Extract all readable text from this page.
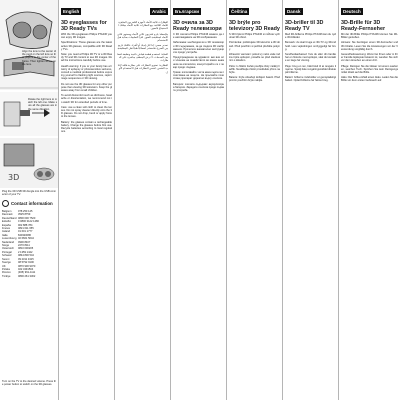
Align the lens to the center of the pupil on the left lens so that pupil is in the center of the frame. Then tighten screw on the lens.
Rotate the right lens to match the left one. Make sure all the glasses are in the same direction.
3D
Plug the 3D USB 3D dongle into the USB connector of your TV.
Contact information
Belgium	078 250 145
Danmark 3525 8759
Deutschland 0800 000 7520
Ελλάδα	0 0800 3122 1280
España	902 888 784
France	0821 611 655
Ireland	01 601 1777
Italia	840320086
Luxembourg 40 6661 5644
Nederland 0900 8407
Norge	2270 8111
Österreich 0810 000205
Portugal 2 1359 1442
Schweiz 0844 800 544
Suomi	09 2311 3415
Sverige	08 5792 9100
UK	0870 900 9070
Polska	022 3491504
Россия	(495) 961-1111
Türkiye	0800 261 3302
Turn on the TV to the desired volume. Press the power button to switch on the 3D glasses.
English
3D eyeglasses for 3D Ready TVs
With the 3D eyeglasses Philips PTA436 you can enjoy 3D images.
Specifications: These glasses are the latest active 3D glasses, compatible with 3D Ready TVs.
Note: you need a Philips 3D TV or a 3D Ready TV and 3D content to see 3D images. Read the instructions carefully before use.
Health warning: if you or your family has a history of epilepsy or photosensitive seizures, consult a medical professional before exposing yourself to flashing light sources, rapid image sequences or 3D viewing.
Do not use the 3D glasses for any other purpose than viewing 3D television. Keep the glasses away from small children.
To avoid discomfort such as dizziness, headache or disorientation, we recommend not to watch 3D for extended periods of time.
Care: use a clean soft cloth to clean the lenses. Do not spray cleaner directly onto the 3D glasses. Do not drop, bend or apply force to the lenses.
Battery: the glasses contain a rechargeable battery. Charge the glasses before first use. Recycle batteries according to local regulations.
Arabic
النظارات ثلاثية الأبعاد لأجهزة التلفزيون الجاهزة للأبعاد الثلاثية. مع النظارات ثلاثية الأبعاد يمكنك الاستمتاع بالصور.
ملاحظة: يلزم تلفزيون ثلاثي الأبعاد ومحتوى ثلاثي الأبعاد لمشاهدة الصور. اقرأ التعليمات بعناية قبل الاستخدام.
تحذير صحي: إذا كان لديك أو لأفراد عائلتك تاريخ من الصرع، فاستشر أخصائيًا طبيًا قبل المشاهدة.
العناية: استخدم قطعة قماش ناعمة ونظيفة لتنظيف العدسات. لا ترش المنظف مباشرة على النظارات.
البطارية: تحتوي النظارات على بطارية قابلة لإعادة الشحن. اشحن النظارات قبل الاستخدام الأول.
Български
3D очила за 3D Ready телевизори
С 3D очилата Philips PTA436 можете да се наслаждавате на 3D изображения.
Забележка: необходим ви е 3D телевизор и 3D съдържание, за да гледате 3D изображения. Прочетете внимателно инструкциите преди употреба.
Предупреждение за здравето: ако вие или членове на семейството ви имате анамнеза за епилепсия, консултирайте се с лекар преди гледане.
Грижа: използвайте чиста мека кърпа за почистване на лещите. Не пръскайте почистващ препарат директно върху очилата.
Батерия: очилата съдържат акумулаторна батерия. Заредете очилата преди първата употреба.
Čeština
3D brýle pro televizory 3D Ready
S 3D brýlemi Philips PTA436 si můžete vychutnat 3D obraz.
Poznámka: potřebujete 3D televizor a 3D obsah. Před použitím si pečlivě přečtěte pokyny.
Zdravotní varování: pokud vy nebo vaše rodina trpíte epilepsií, poraďte se před sledováním s lékařem.
Péče: k čištění čoček použijte čistý měkký hadřík. Nestříkejte čisticí prostředek přímo na brýle.
Baterie: brýle obsahují dobíjecí baterii. Před prvním použitím brýle nabijte.
Dansk
3D-briller til 3D Ready TV
Med 3D-brillerne Philips PTA436 kan du nyde 3D-billeder.
Bemærk: du skal bruge et 3D-TV og 3D-indhold. Læs vejledningen omhyggeligt før brug.
Sundhedsadvarsel: hvis du eller din familie har en historie med epilepsi, skal du kontakte en læge før visning.
Pleje: brug en ren, blød klud til at rengøre linserne. Sprøjt ikke rengøringsmiddel direkte på brillerne.
Batteri: brillerne indeholder et genopladeligt batteri. Oplad brillerne før første brug.
Deutsch
3D-Brille für 3D Ready-Fernseher
Mit der 3D-Brille Philips PTA436 können Sie 3D-Bilder genießen.
Hinweis: Sie benötigen einen 3D-Fernseher und 3D-Inhalte. Lesen Sie die Anweisungen vor der Verwendung sorgfältig durch.
Gesundheitswarnung: Wenn bei Ihnen oder in Ihrer Familie Epilepsie bekannt ist, wenden Sie sich vor dem Ansehen an einen Arzt.
Pflege: Reinigen Sie die Gläser mit einem sauberen, weichen Tuch. Sprühen Sie kein Reinigungsmittel direkt auf die Brille.
Akku: Die Brille enthält einen Akku. Laden Sie die Brille vor dem ersten Gebrauch auf.
